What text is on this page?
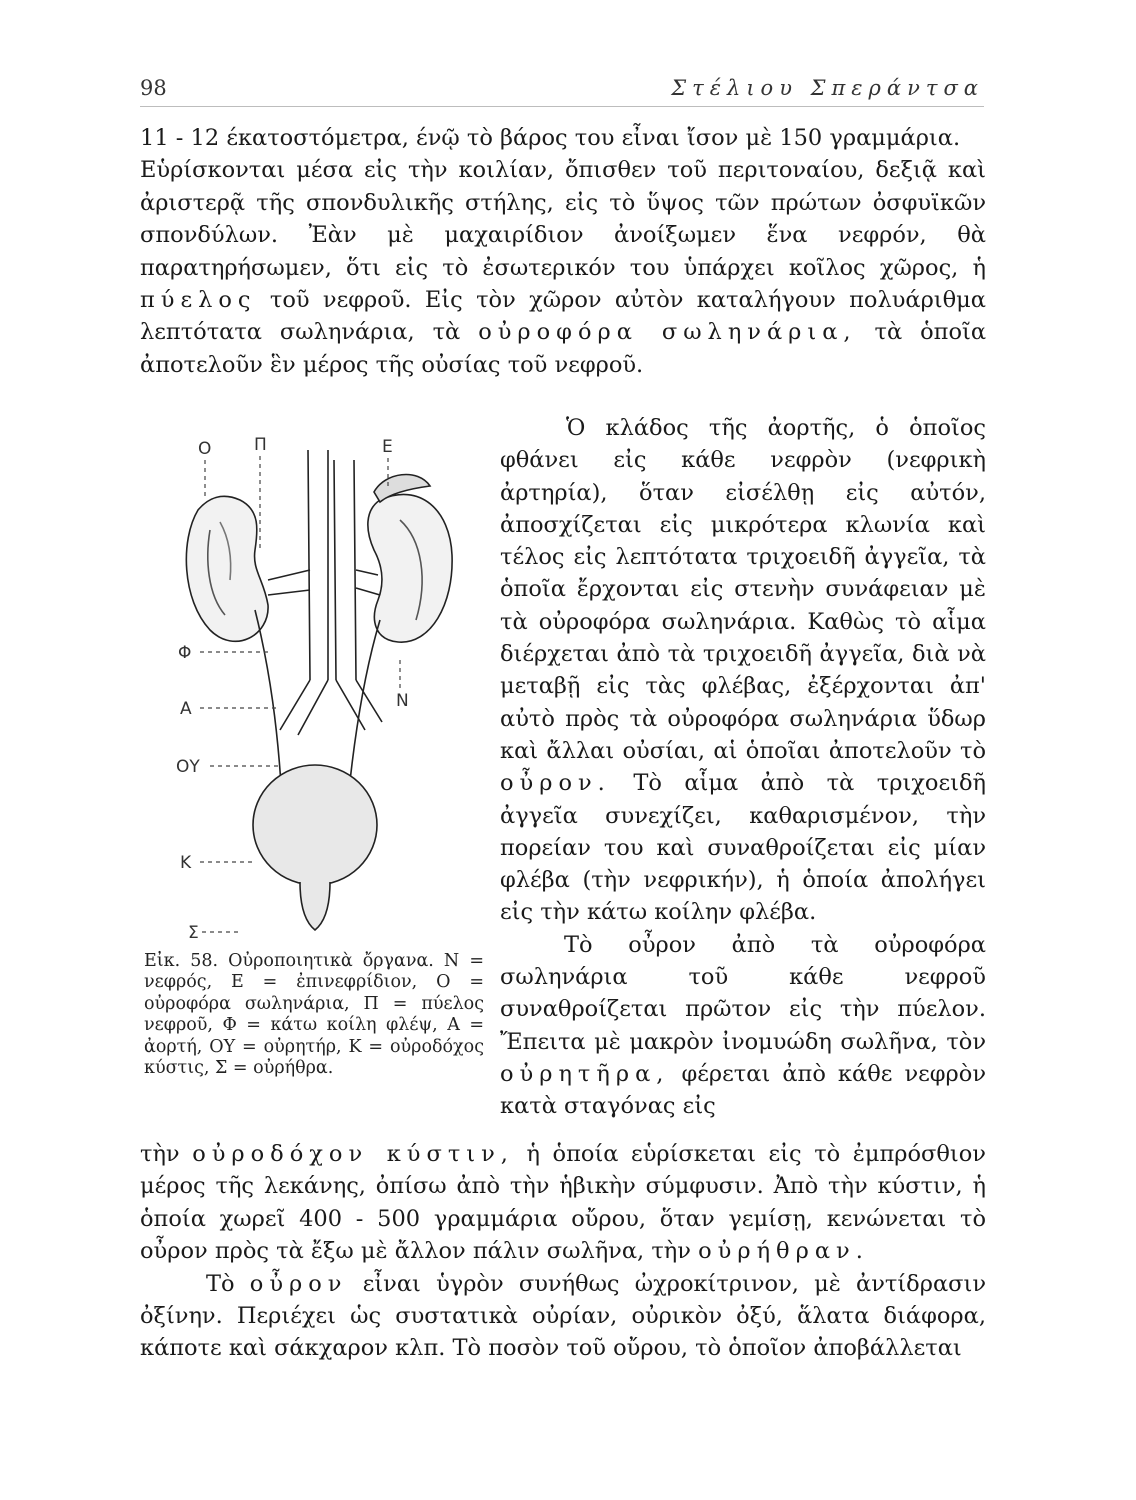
98	Στέλιου Σπεράντσα

11 - 12 έκατοστόμετρα, ένῷ τὸ βάρος του εἶναι ἴσον μὲ 150 γραμμάρια.

Εὑρίσκονται μέσα εἰς τὴν κοιλίαν, ὄπισθεν τοῦ περιτοναίου, δεξιᾷ καὶ ἀριστερᾷ τῆς σπονδυλικῆς στήλης, εἰς τὸ ὕψος τῶν πρώτων ὀσφυϊκῶν σπονδύλων. Ἐὰν μὲ μαχαιρίδιον ἀνοίξωμεν ἕνα νεφρόν, θὰ παρατηρήσωμεν, ὅτι εἰς τὸ ἐσωτερικόν του ὑπάρχει κοῖλος χῶρος, ἡ πύελος τοῦ νεφροῦ. Εἰς τὸν χῶρον αὐτὸν καταλήγουν πολυάριθμα λεπτότατα σωληνάρια, τὰ οὐροφόρα σωληνάρια, τὰ ὁποῖα ἀποτελοῦν ἓν μέρος τῆς οὐσίας τοῦ νεφροῦ.

Ο	Π	Ε
Φ
Α
ΟΥ
Ν
Κ
Σ

Εἰκ. 58. Οὐροποιητικὰ ὄργανα. Ν = νεφρός, Ε = ἐπινεφρίδιον, Ο = οὐροφόρα σωληνάρια, Π = πύελος νεφροῦ, Φ = κάτω κοίλη φλέψ, Α = ἀορτή, ΟΥ = οὐρητήρ, Κ = οὐροδόχος κύστις, Σ = οὐρήθρα.

Ὁ κλάδος τῆς ἀορτῆς, ὁ ὁποῖος φθάνει εἰς κάθε νεφρὸν (νεφρικὴ ἀρτηρία), ὅταν εἰσέλθῃ εἰς αὐτόν, ἀποσχίζεται εἰς μικρότερα κλωνία καὶ τέλος εἰς λεπτότατα τριχοειδῆ ἀγγεῖα, τὰ ὁποῖα ἔρχονται εἰς στενὴν συνάφειαν μὲ τὰ οὐροφόρα σωληνάρια. Καθὼς τὸ αἷμα διέρχεται ἀπὸ τὰ τριχοειδῆ ἀγγεῖα, διὰ νὰ μεταβῇ εἰς τὰς φλέβας, ἐξέρχονται ἀπ' αὐτὸ πρὸς τὰ οὐροφόρα σωληνάρια ὕδωρ καὶ ἄλλαι οὐσίαι, αἱ ὁποῖαι ἀποτελοῦν τὸ οὖρον. Τὸ αἷμα ἀπὸ τὰ τριχοειδῆ ἀγγεῖα συνεχίζει, καθαρισμένον, τὴν πορείαν του καὶ συναθροίζεται εἰς μίαν φλέβα (τὴν νεφρικήν), ἡ ὁποία ἀπολήγει εἰς τὴν κάτω κοίλην φλέβα.

Τὸ οὖρον ἀπὸ τὰ οὐροφόρα σωληνάρια τοῦ κάθε νεφροῦ συναθροίζεται πρῶτον εἰς τὴν πύελον. Ἔπειτα μὲ μακρὸν ἰνομυώδη σωλῆνα, τὸν οὐρητῆρα, φέρεται ἀπὸ κάθε νεφρὸν κατὰ σταγόνας εἰς

τὴν οὐροδόχον κύστιν, ἡ ὁποία εὑρίσκεται εἰς τὸ ἐμπρόσθιον μέρος τῆς λεκάνης, ὀπίσω ἀπὸ τὴν ἡβικὴν σύμφυσιν. Ἀπὸ τὴν κύστιν, ἡ ὁποία χωρεῖ 400 - 500 γραμμάρια οὔρου, ὅταν γεμίσῃ, κενώνεται τὸ οὖρον πρὸς τὰ ἔξω μὲ ἄλλον πάλιν σωλῆνα, τὴν οὐρήθραν.

Τὸ οὖρον εἶναι ὑγρὸν συνήθως ὠχροκίτρινον, μὲ ἀντίδρασιν ὀξίνην. Περιέχει ὡς συστατικὰ οὐρίαν, οὐρικὸν ὀξύ, ἅλατα διάφορα, κάποτε καὶ σάκχαρον κλπ. Τὸ ποσὸν τοῦ οὔρου, τὸ ὁποῖον ἀποβάλλεται
